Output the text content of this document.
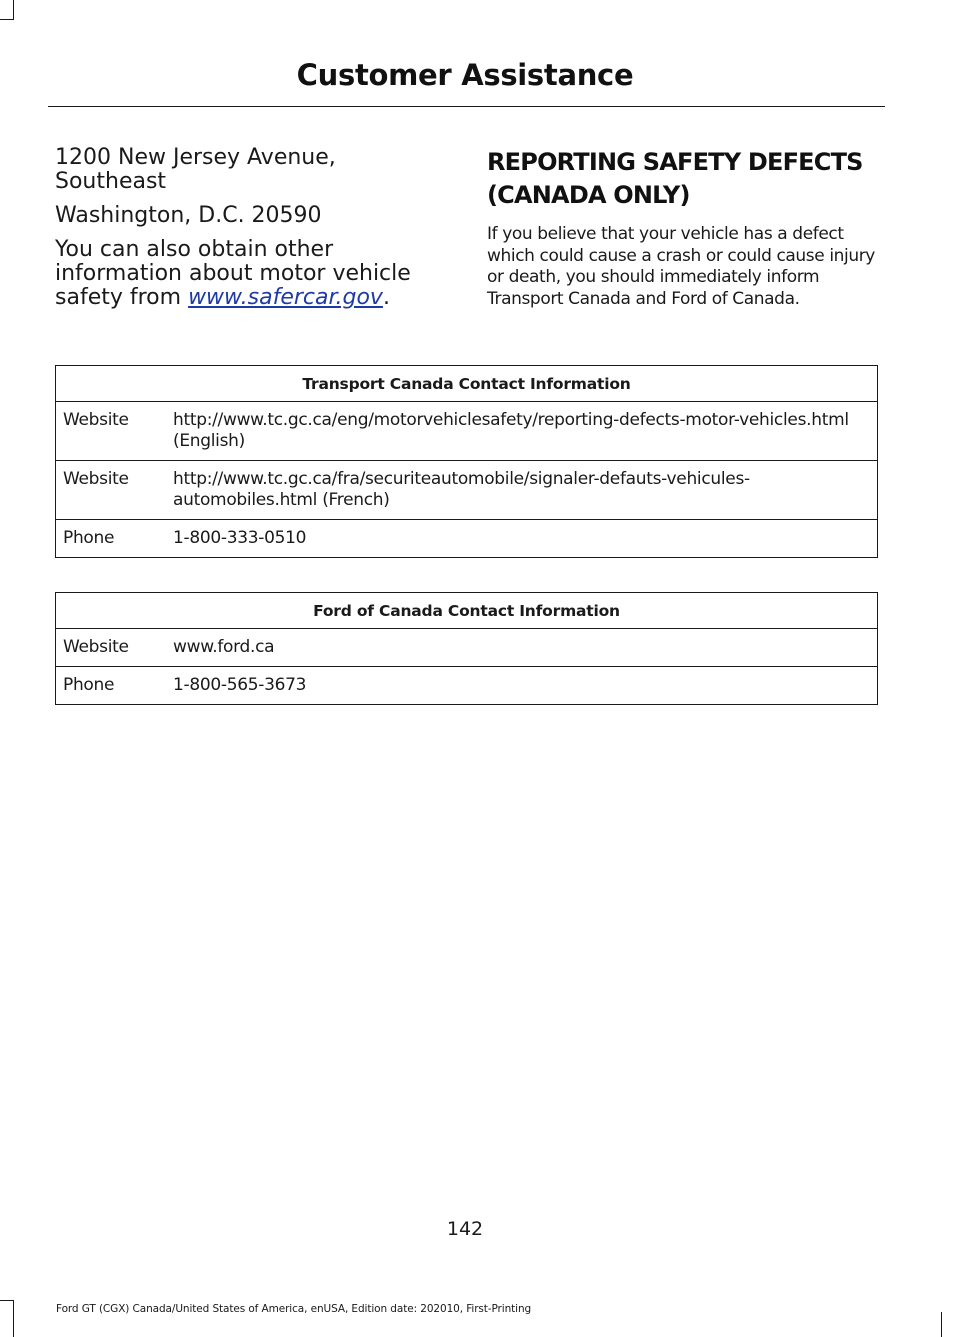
Customer Assistance

1200 New Jersey Avenue, Southeast

Washington, D.C. 20590

You can also obtain other information about motor vehicle safety from www.safercar.gov.

REPORTING SAFETY DEFECTS
(CANADA ONLY)

If you believe that your vehicle has a defect which could cause a crash or could cause injury or death, you should immediately inform Transport Canada and Ford of Canada.

Transport Canada Contact Information	
Website	http://www.tc.gc.ca/eng/motorvehiclesafety/reporting-defects-motor-vehicles.html (English)
Website	http://www.tc.gc.ca/fra/securiteautomobile/signaler-defauts-vehicules-automobiles.html (French)
Phone	1-800-333-0510
Ford of Canada Contact Information	
Website	www.ford.ca
Phone	1-800-565-3673
142
Ford GT (CGX) Canada/United States of America, enUSA, Edition date: 202010, First-Printing
